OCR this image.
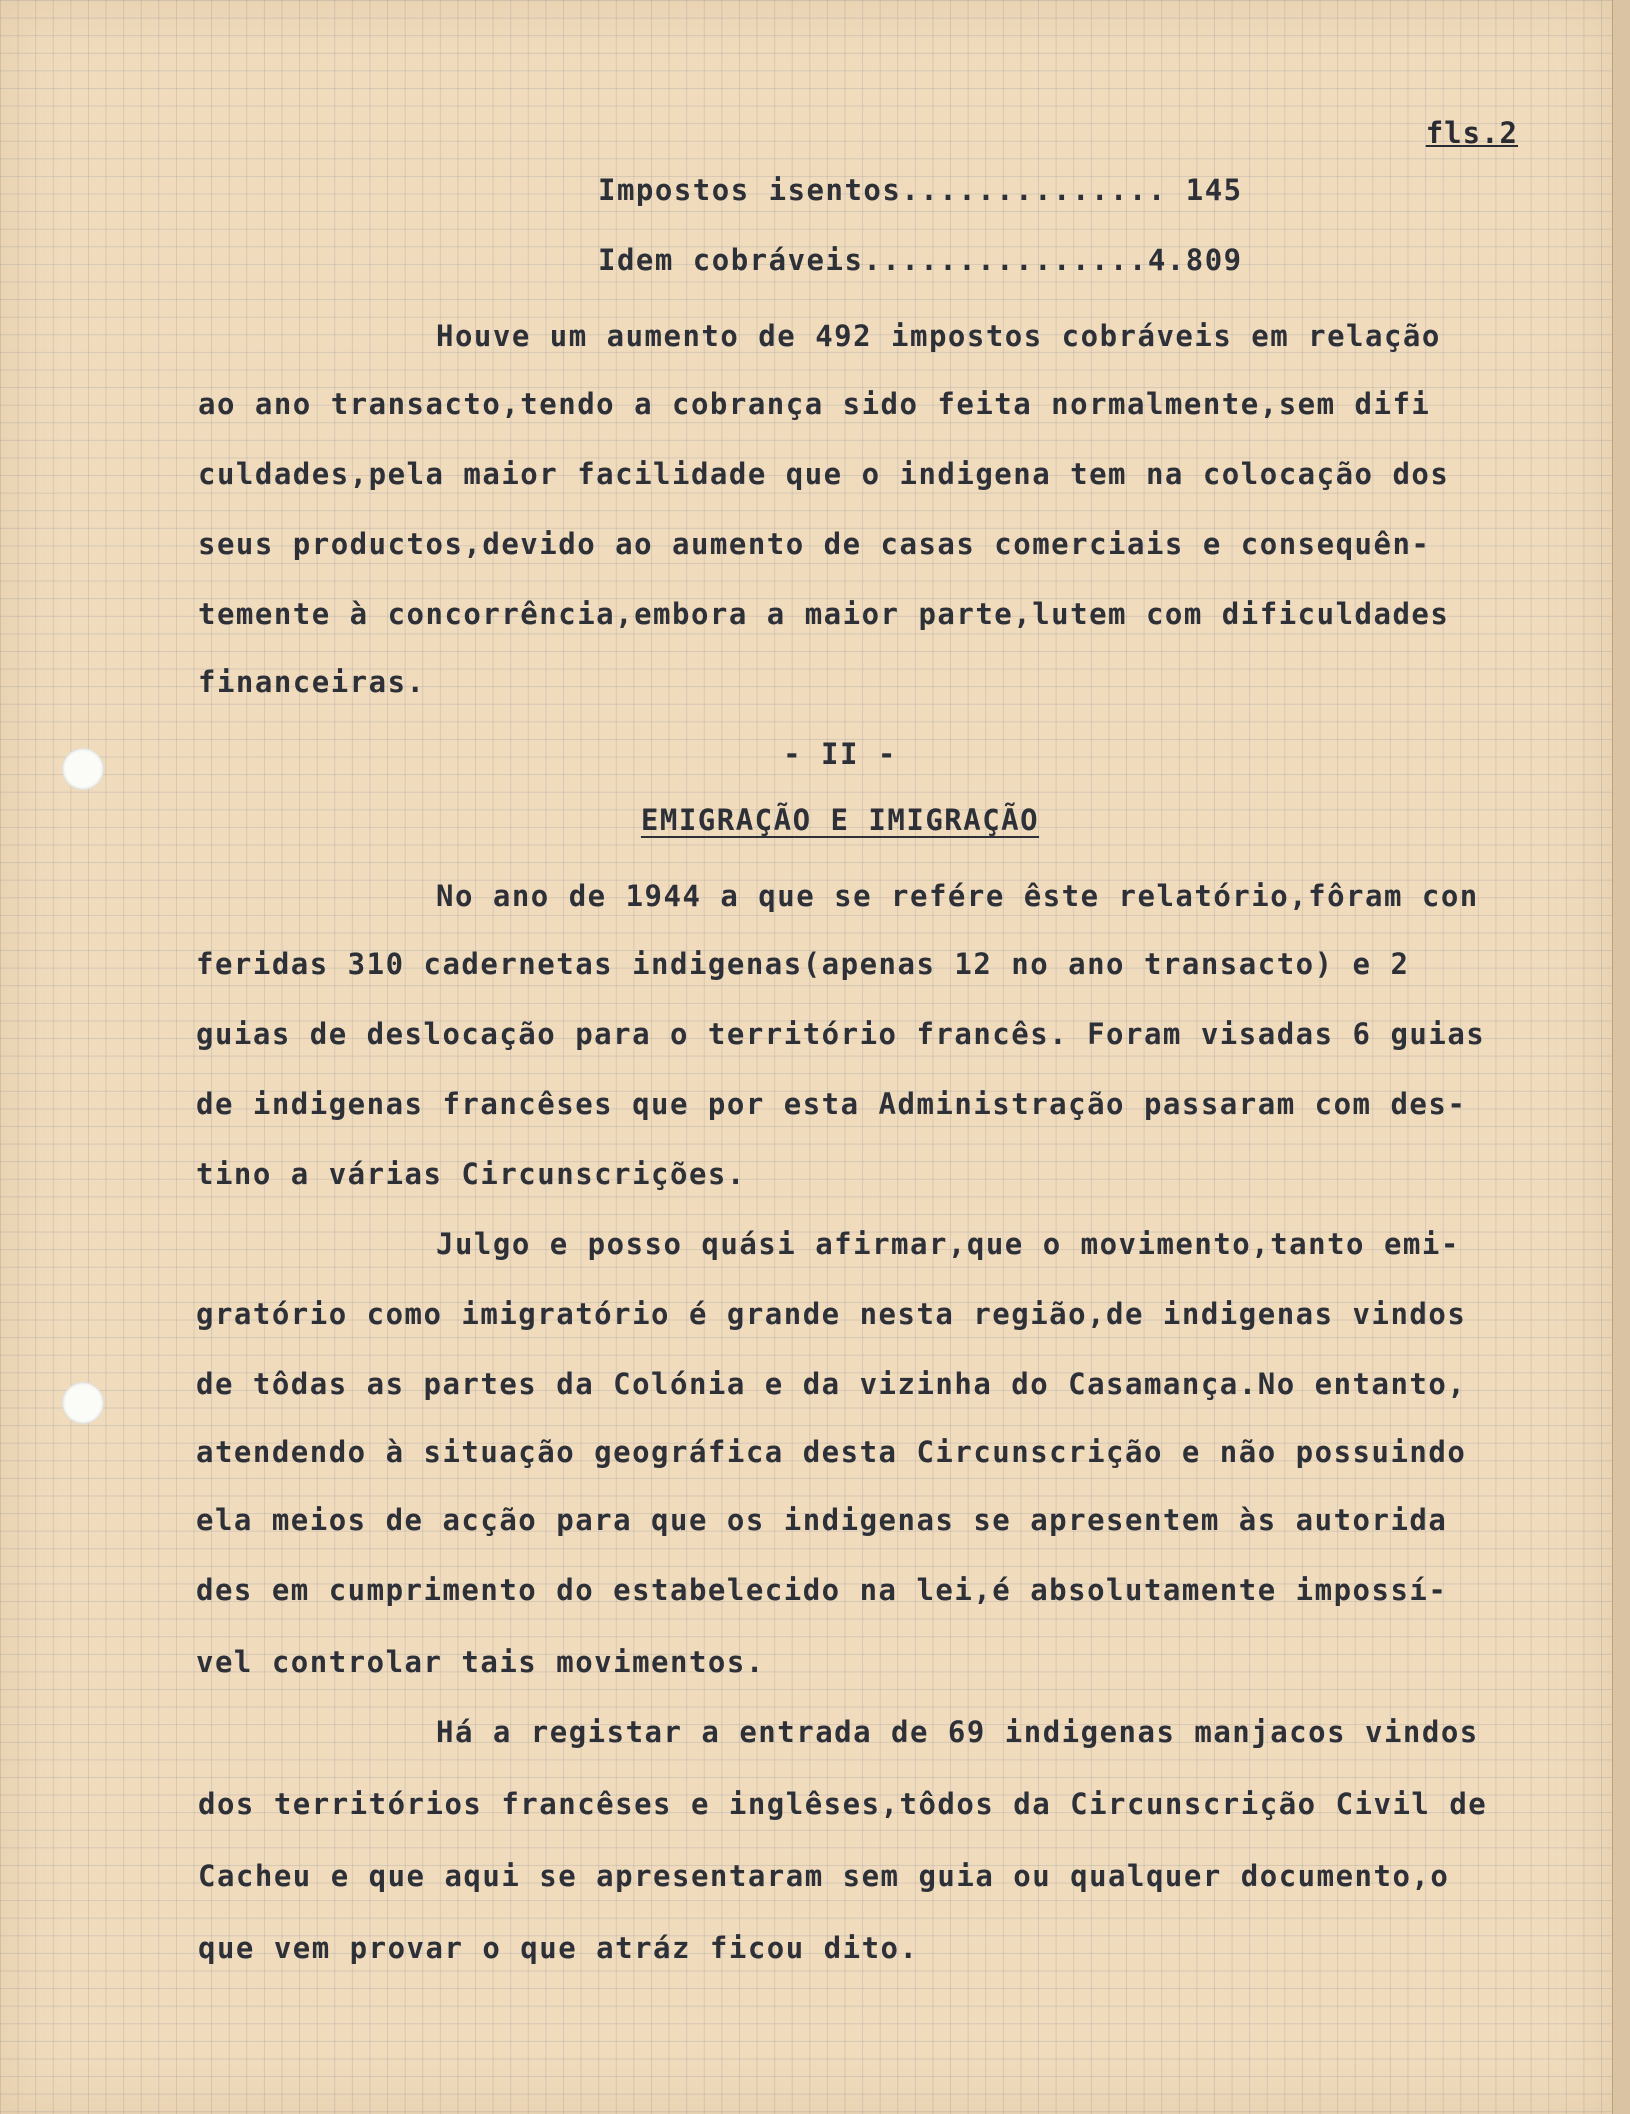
fls.2
Impostos isentos.............. 145
Idem cobráveis...............4.809
Houve um aumento de 492 impostos cobráveis em relação
ao ano transacto,tendo a cobrança sido feita normalmente,sem difi
culdades,pela maior facilidade que o indigena tem na colocação dos
seus productos,devido ao aumento de casas comerciais e consequên-
temente à concorrência,embora a maior parte,lutem com dificuldades
financeiras.
- II -
EMIGRAÇÃO E IMIGRAÇÃO
No ano de 1944 a que se refére êste relatório,fôram con
feridas 310 cadernetas indigenas(apenas 12 no ano transacto) e 2
guias de deslocação para o território francês. Foram visadas 6 guias
de indigenas francêses que por esta Administração passaram com des-
tino a várias Circunscrições.
Julgo e posso quási afirmar,que o movimento,tanto emi-
gratório como imigratório é grande nesta região,de indigenas vindos
de tôdas as partes da Colónia e da vizinha do Casamança.No entanto,
atendendo à situação geográfica desta Circunscrição e não possuindo
ela meios de acção para que os indigenas se apresentem às autorida
des em cumprimento do estabelecido na lei,é absolutamente impossí-
vel controlar tais movimentos.
Há a registar a entrada de 69 indigenas manjacos vindos
dos territórios francêses e inglêses,tôdos da Circunscrição Civil de
Cacheu e que aqui se apresentaram sem guia ou qualquer documento,o
que vem provar o que atráz ficou dito.
